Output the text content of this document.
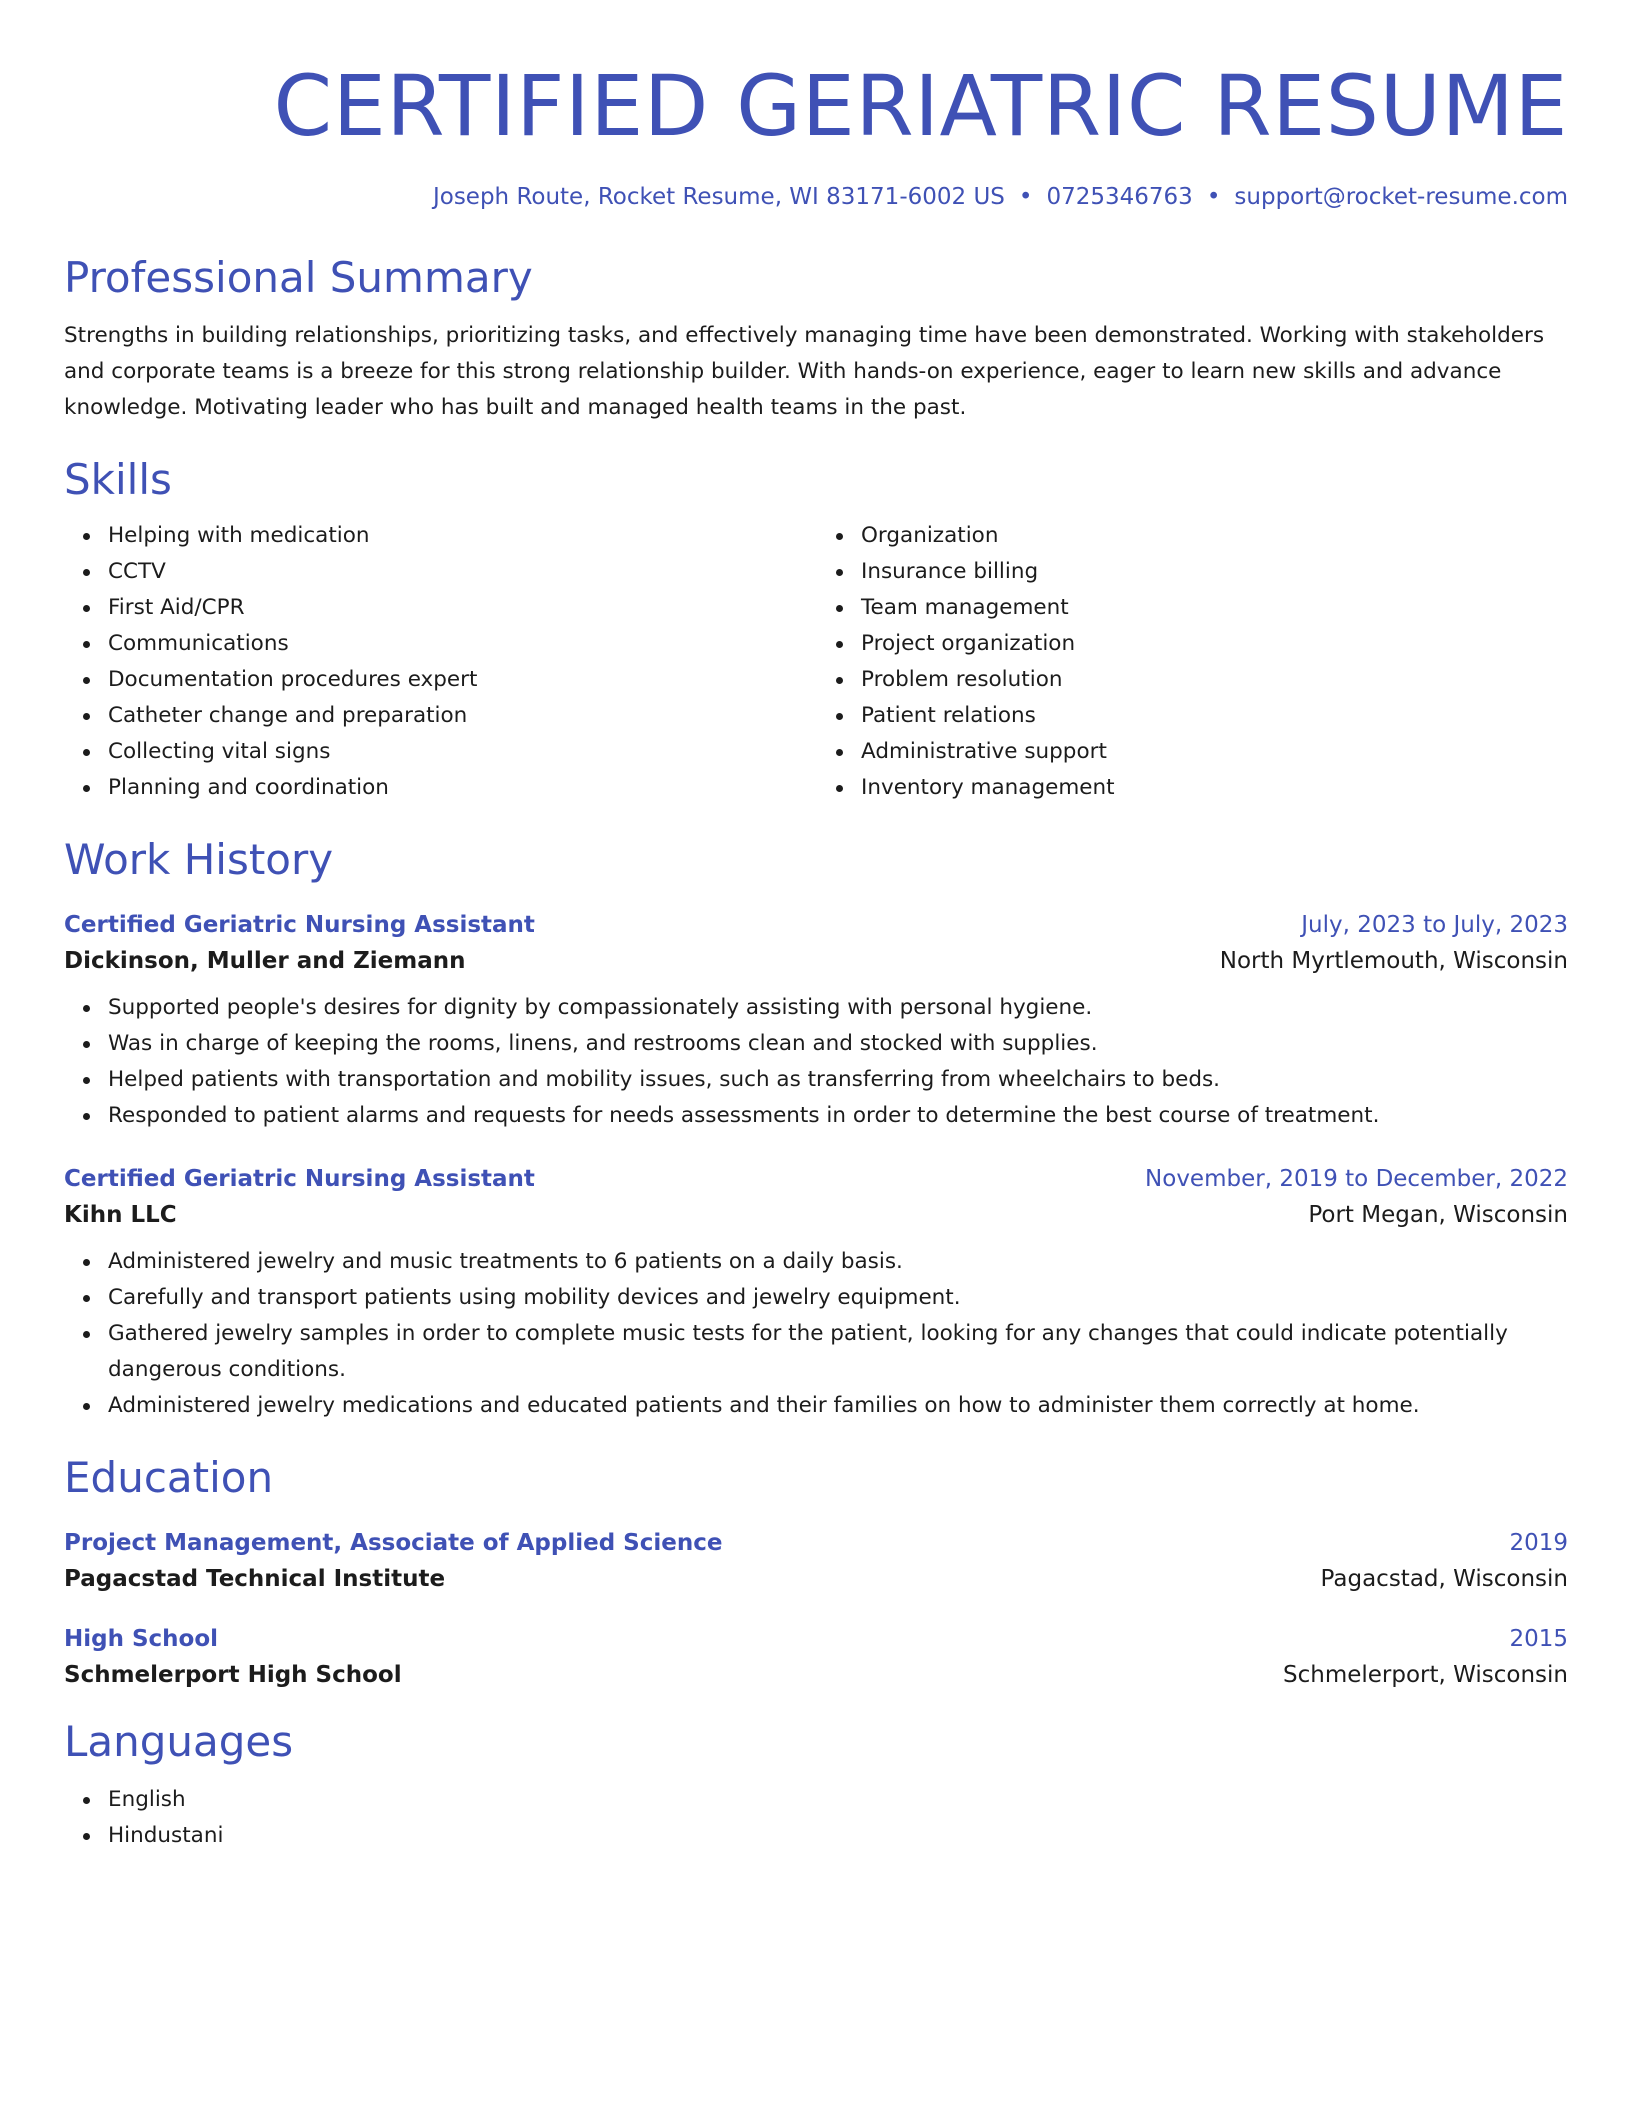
CERTIFIED GERIATRIC RESUME
Joseph Route, Rocket Resume, WI 83171-6002 US • 0725346763 • support@rocket-resume.com
Professional Summary

Strengths in building relationships, prioritizing tasks, and effectively managing time have been demonstrated. Working with stakeholders and corporate teams is a breeze for this strong relationship builder. With hands-on experience, eager to learn new skills and advance knowledge. Motivating leader who has built and managed health teams in the past.

Skills
Helping with medication
CCTV
First Aid/CPR
Communications
Documentation procedures expert
Catheter change and preparation
Collecting vital signs
Planning and coordination
Organization
Insurance billing
Team management
Project organization
Problem resolution
Patient relations
Administrative support
Inventory management
Work History
Certified Geriatric Nursing Assistant	July, 2023 to July, 2023
Dickinson, Muller and Ziemann	North Myrtlemouth, Wisconsin
Supported people's desires for dignity by compassionately assisting with personal hygiene.
Was in charge of keeping the rooms, linens, and restrooms clean and stocked with supplies.
Helped patients with transportation and mobility issues, such as transferring from wheelchairs to beds.
Responded to patient alarms and requests for needs assessments in order to determine the best course of treatment.
Certified Geriatric Nursing Assistant	November, 2019 to December, 2022
Kihn LLC	Port Megan, Wisconsin
Administered jewelry and music treatments to 6 patients on a daily basis.
Carefully and transport patients using mobility devices and jewelry equipment.
Gathered jewelry samples in order to complete music tests for the patient, looking for any changes that could indicate potentially dangerous conditions.
Administered jewelry medications and educated patients and their families on how to administer them correctly at home.
Education
Project Management, Associate of Applied Science	2019
Pagacstad Technical Institute	Pagacstad, Wisconsin
High School	2015
Schmelerport High School	Schmelerport, Wisconsin
Languages
English
Hindustani
